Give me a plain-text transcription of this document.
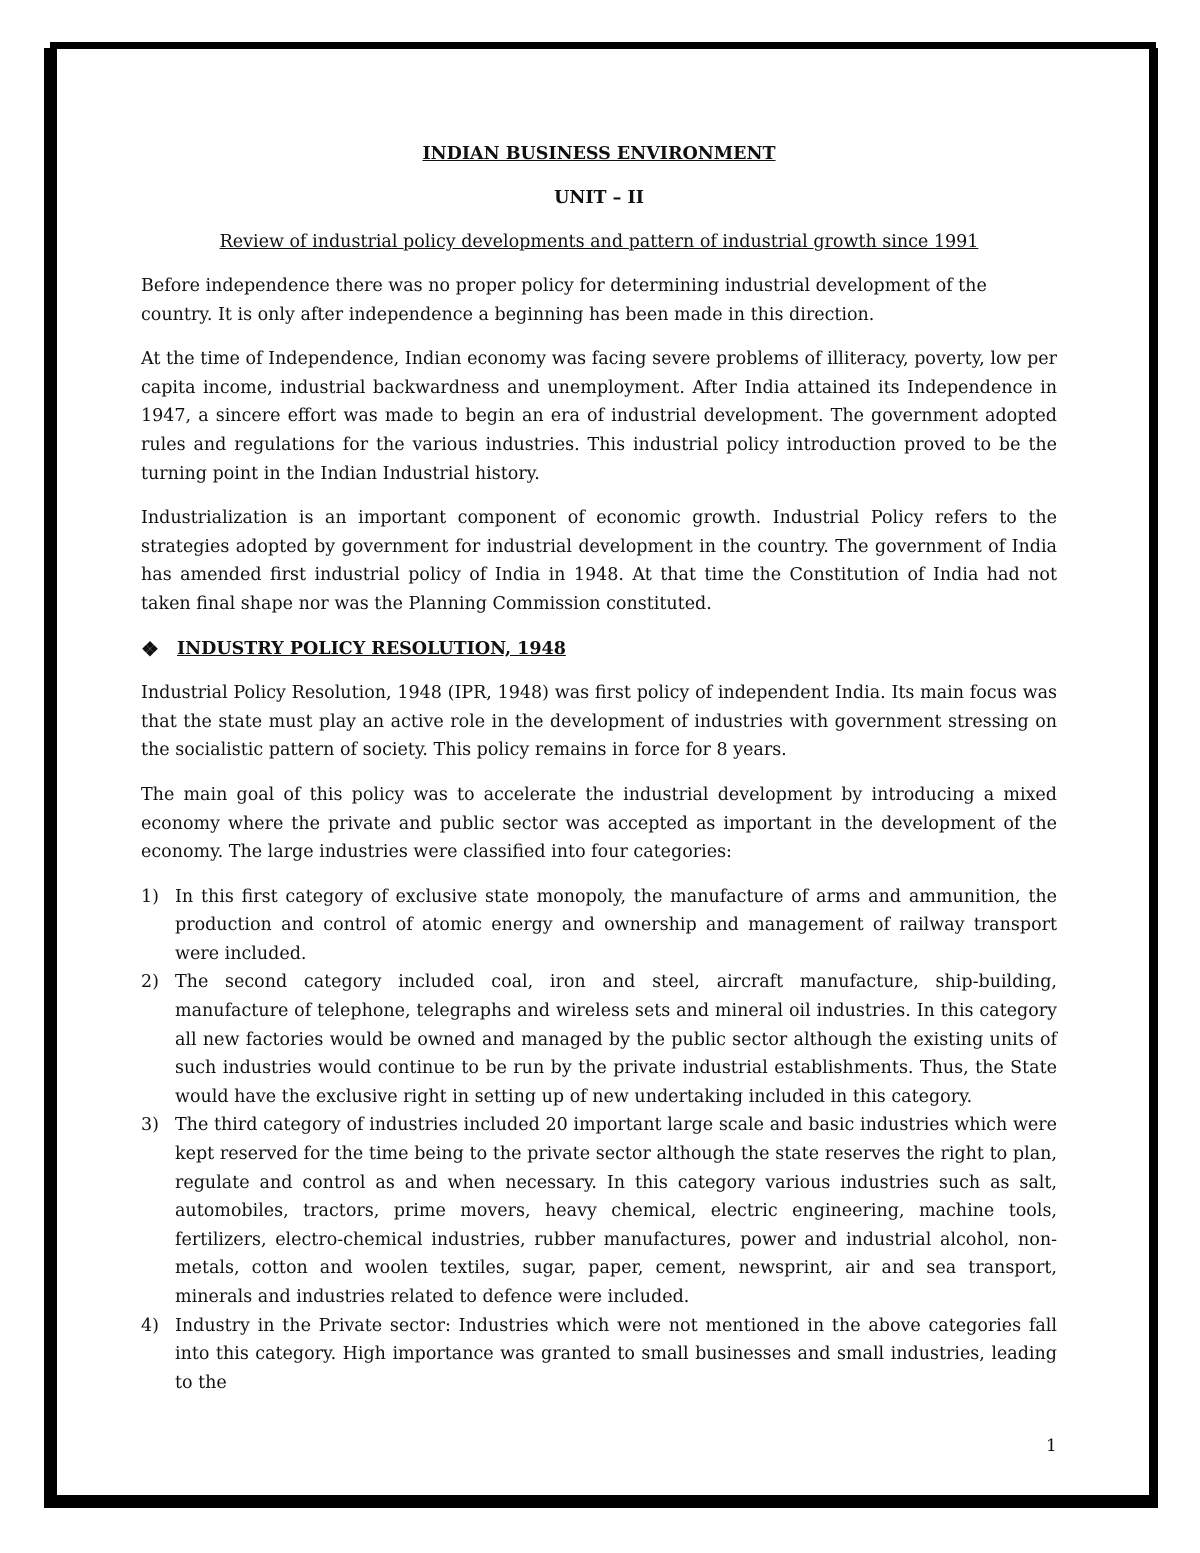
INDIAN BUSINESS ENVIRONMENT
UNIT – II
Review of industrial policy developments and pattern of industrial growth since 1991

Before independence there was no proper policy for determining industrial development of the country. It is only after independence a beginning has been made in this direction.

At the time of Independence, Indian economy was facing severe problems of illiteracy, poverty, low per capita income, industrial backwardness and unemployment. After India attained its Independence in 1947, a sincere effort was made to begin an era of industrial development. The government adopted rules and regulations for the various industries. This industrial policy introduction proved to be the turning point in the Indian Industrial history.

Industrialization is an important component of economic growth. Industrial Policy refers to the strategies adopted by government for industrial development in the country. The government of India has amended first industrial policy of India in 1948. At that time the Constitution of India had not taken final shape nor was the Planning Commission constituted.

❖	INDUSTRY POLICY RESOLUTION, 1948

Industrial Policy Resolution, 1948 (IPR, 1948) was first policy of independent India. Its main focus was that the state must play an active role in the development of industries with government stressing on the socialistic pattern of society. This policy remains in force for 8 years.

The main goal of this policy was to accelerate the industrial development by introducing a mixed economy where the private and public sector was accepted as important in the development of the economy. The large industries were classified into four categories:

1) In this first category of exclusive state monopoly, the manufacture of arms and ammunition, the production and control of atomic energy and ownership and management of railway transport were included.
2) The second category included coal, iron and steel, aircraft manufacture, ship-building, manufacture of telephone, telegraphs and wireless sets and mineral oil industries. In this category all new factories would be owned and managed by the public sector although the existing units of such industries would continue to be run by the private industrial establishments. Thus, the State would have the exclusive right in setting up of new undertaking included in this category.
3) The third category of industries included 20 important large scale and basic industries which were kept reserved for the time being to the private sector although the state reserves the right to plan, regulate and control as and when necessary. In this category various industries such as salt, automobiles, tractors, prime movers, heavy chemical, electric engineering, machine tools, fertilizers, electro-chemical industries, rubber manufactures, power and industrial alcohol, non-metals, cotton and woolen textiles, sugar, paper, cement, newsprint, air and sea transport, minerals and industries related to defence were included.
4) Industry in the Private sector: Industries which were not mentioned in the above categories fall into this category. High importance was granted to small businesses and small industries, leading to the
1
